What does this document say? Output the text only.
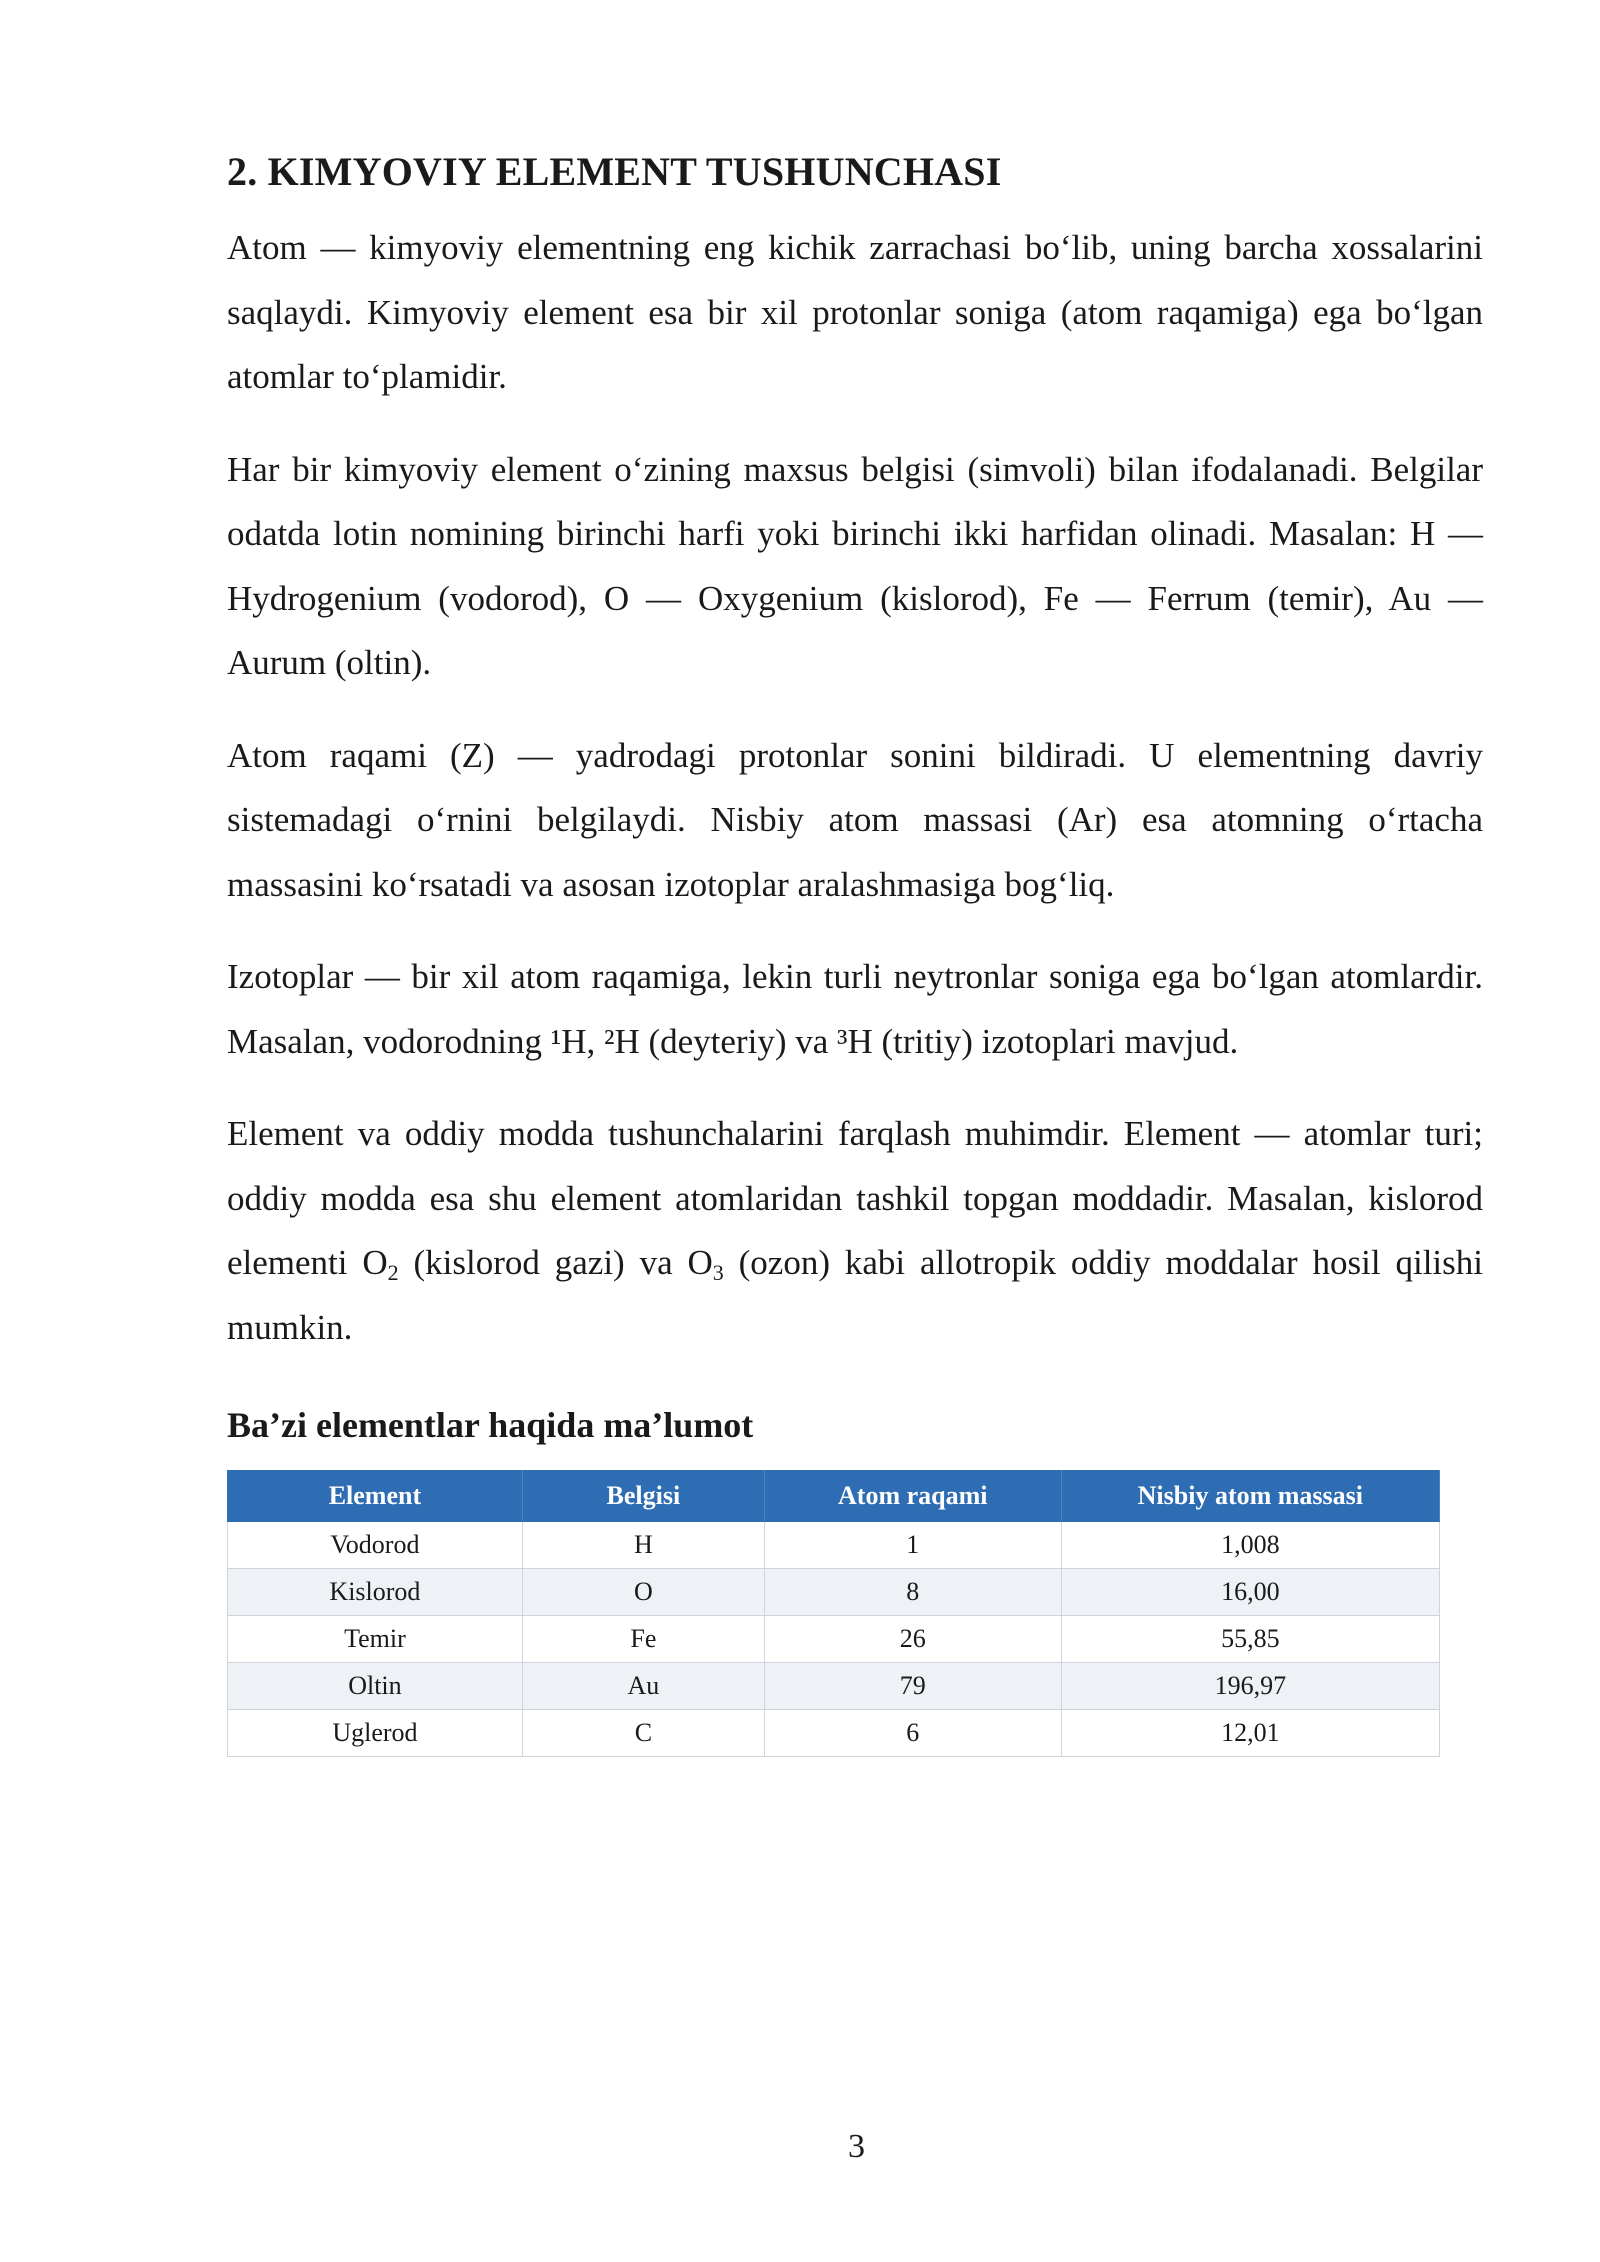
2. KIMYOVIY ELEMENT TUSHUNCHASI

Atom — kimyoviy elementning eng kichik zarrachasi bo‘lib, uning barcha xossalarini saqlaydi. Kimyoviy element esa bir xil protonlar soniga (atom raqamiga) ega bo‘lgan atomlar to‘plamidir.

Har bir kimyoviy element o‘zining maxsus belgisi (simvoli) bilan ifodalanadi. Belgilar odatda lotin nomining birinchi harfi yoki birinchi ikki harfidan olinadi. Masalan: H — Hydrogenium (vodorod), O — Oxygenium (kislorod), Fe — Ferrum (temir), Au — Aurum (oltin).

Atom raqami (Z) — yadrodagi protonlar sonini bildiradi. U elementning davriy sistemadagi o‘rnini belgilaydi. Nisbiy atom massasi (Ar) esa atomning o‘rtacha massasini ko‘rsatadi va asosan izotoplar aralashmasiga bog‘liq.

Izotoplar — bir xil atom raqamiga, lekin turli neytronlar soniga ega bo‘lgan atomlardir. Masalan, vodorodning ¹H, ²H (deyteriy) va ³H (tritiy) izotoplari mavjud.

Element va oddiy modda tushunchalarini farqlash muhimdir. Element — atomlar turi; oddiy modda esa shu element atomlaridan tashkil topgan moddadir. Masalan, kislorod elementi $O_2$ (kislorod gazi) va $O_3$ (ozon) kabi allotropik oddiy moddalar hosil qilishi mumkin.

Ba’zi elementlar haqida ma’lumot
Element	Belgisi	Atom raqami	Nisbiy atom massasi
Vodorod	H	1	1,008
Kislorod	O	8	16,00
Temir	Fe	26	55,85
Oltin	Au	79	196,97
Uglerod	C	6	12,01
3
